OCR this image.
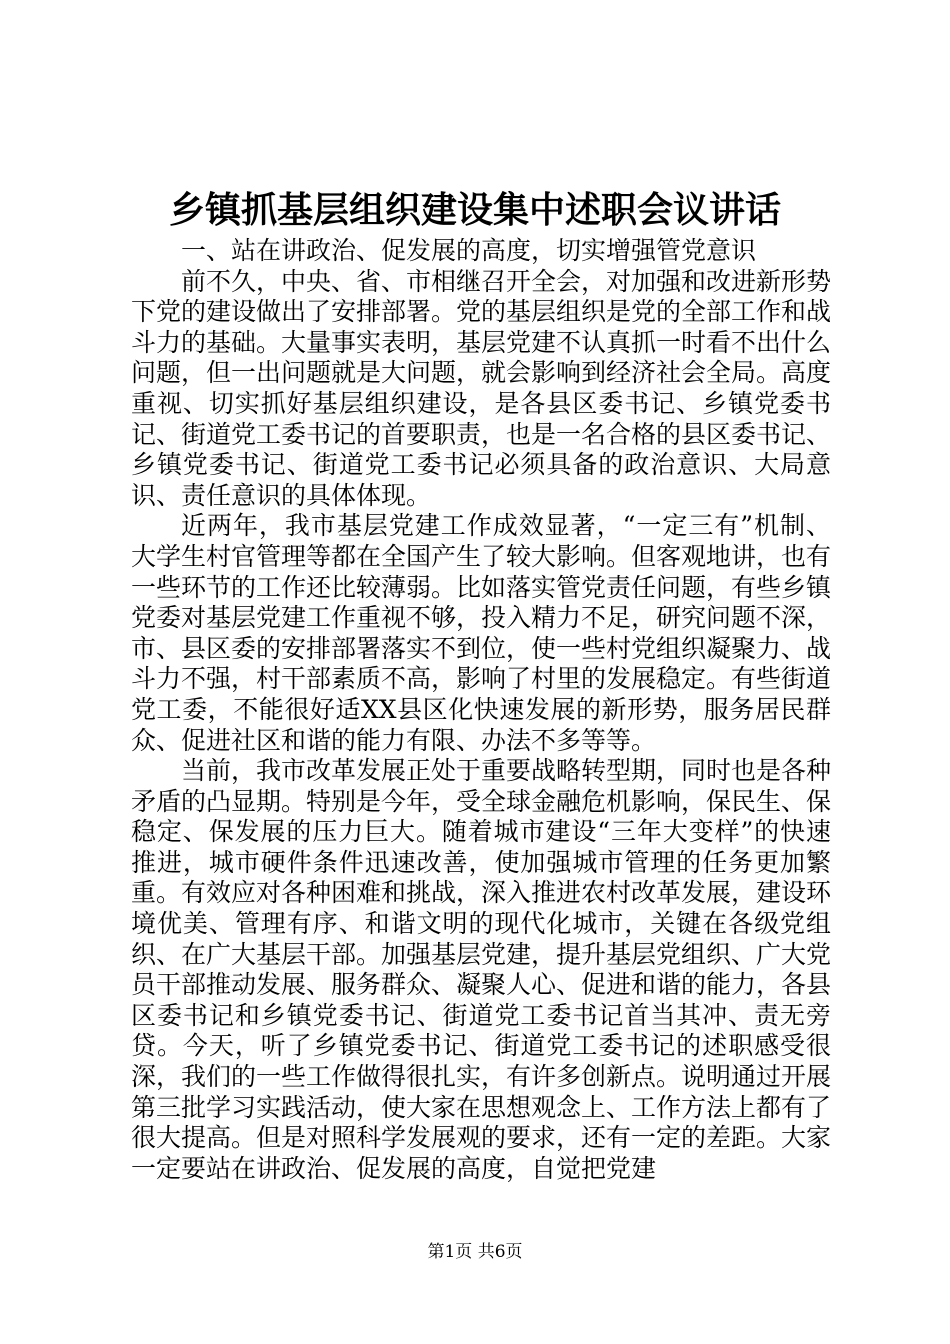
乡镇抓基层组织建设集中述职会议讲话

一、站在讲政治、促发展的高度，切实增强管党意识

前不久，中央、省、市相继召开全会，对加强和改进新形势下党的建设做出了安排部署。党的基层组织是党的全部工作和战斗力的基础。大量事实表明，基层党建不认真抓一时看不出什么问题，但一出问题就是大问题，就会影响到经济社会全局。高度重视、切实抓好基层组织建设，是各县区委书记、乡镇党委书记、街道党工委书记的首要职责，也是一名合格的县区委书记、乡镇党委书记、街道党工委书记必须具备的政治意识、大局意识、责任意识的具体体现。

近两年，我市基层党建工作成效显著，“一定三有”机制、大学生村官管理等都在全国产生了较大影响。但客观地讲，也有一些环节的工作还比较薄弱。比如落实管党责任问题，有些乡镇党委对基层党建工作重视不够，投入精力不足，研究问题不深，市、县区委的安排部署落实不到位，使一些村党组织凝聚力、战斗力不强，村干部素质不高，影响了村里的发展稳定。有些街道党工委，不能很好适XX县区化快速发展的新形势，服务居民群众、促进社区和谐的能力有限、办法不多等等。

当前，我市改革发展正处于重要战略转型期，同时也是各种矛盾的凸显期。特别是今年，受全球金融危机影响，保民生、保稳定、保发展的压力巨大。随着城市建设“三年大变样”的快速推进，城市硬件条件迅速改善，使加强城市管理的任务更加繁重。有效应对各种困难和挑战，深入推进农村改革发展，建设环境优美、管理有序、和谐文明的现代化城市，关键在各级党组织、在广大基层干部。加强基层党建，提升基层党组织、广大党员干部推动发展、服务群众、凝聚人心、促进和谐的能力，各县区委书记和乡镇党委书记、街道党工委书记首当其冲、责无旁贷。今天，听了乡镇党委书记、街道党工委书记的述职感受很深，我们的一些工作做得很扎实，有许多创新点。说明通过开展第三批学习实践活动，使大家在思想观念上、工作方法上都有了很大提高。但是对照科学发展观的要求，还有一定的差距。大家一定要站在讲政治、促发展的高度，自觉把党建

第1页 共6页
